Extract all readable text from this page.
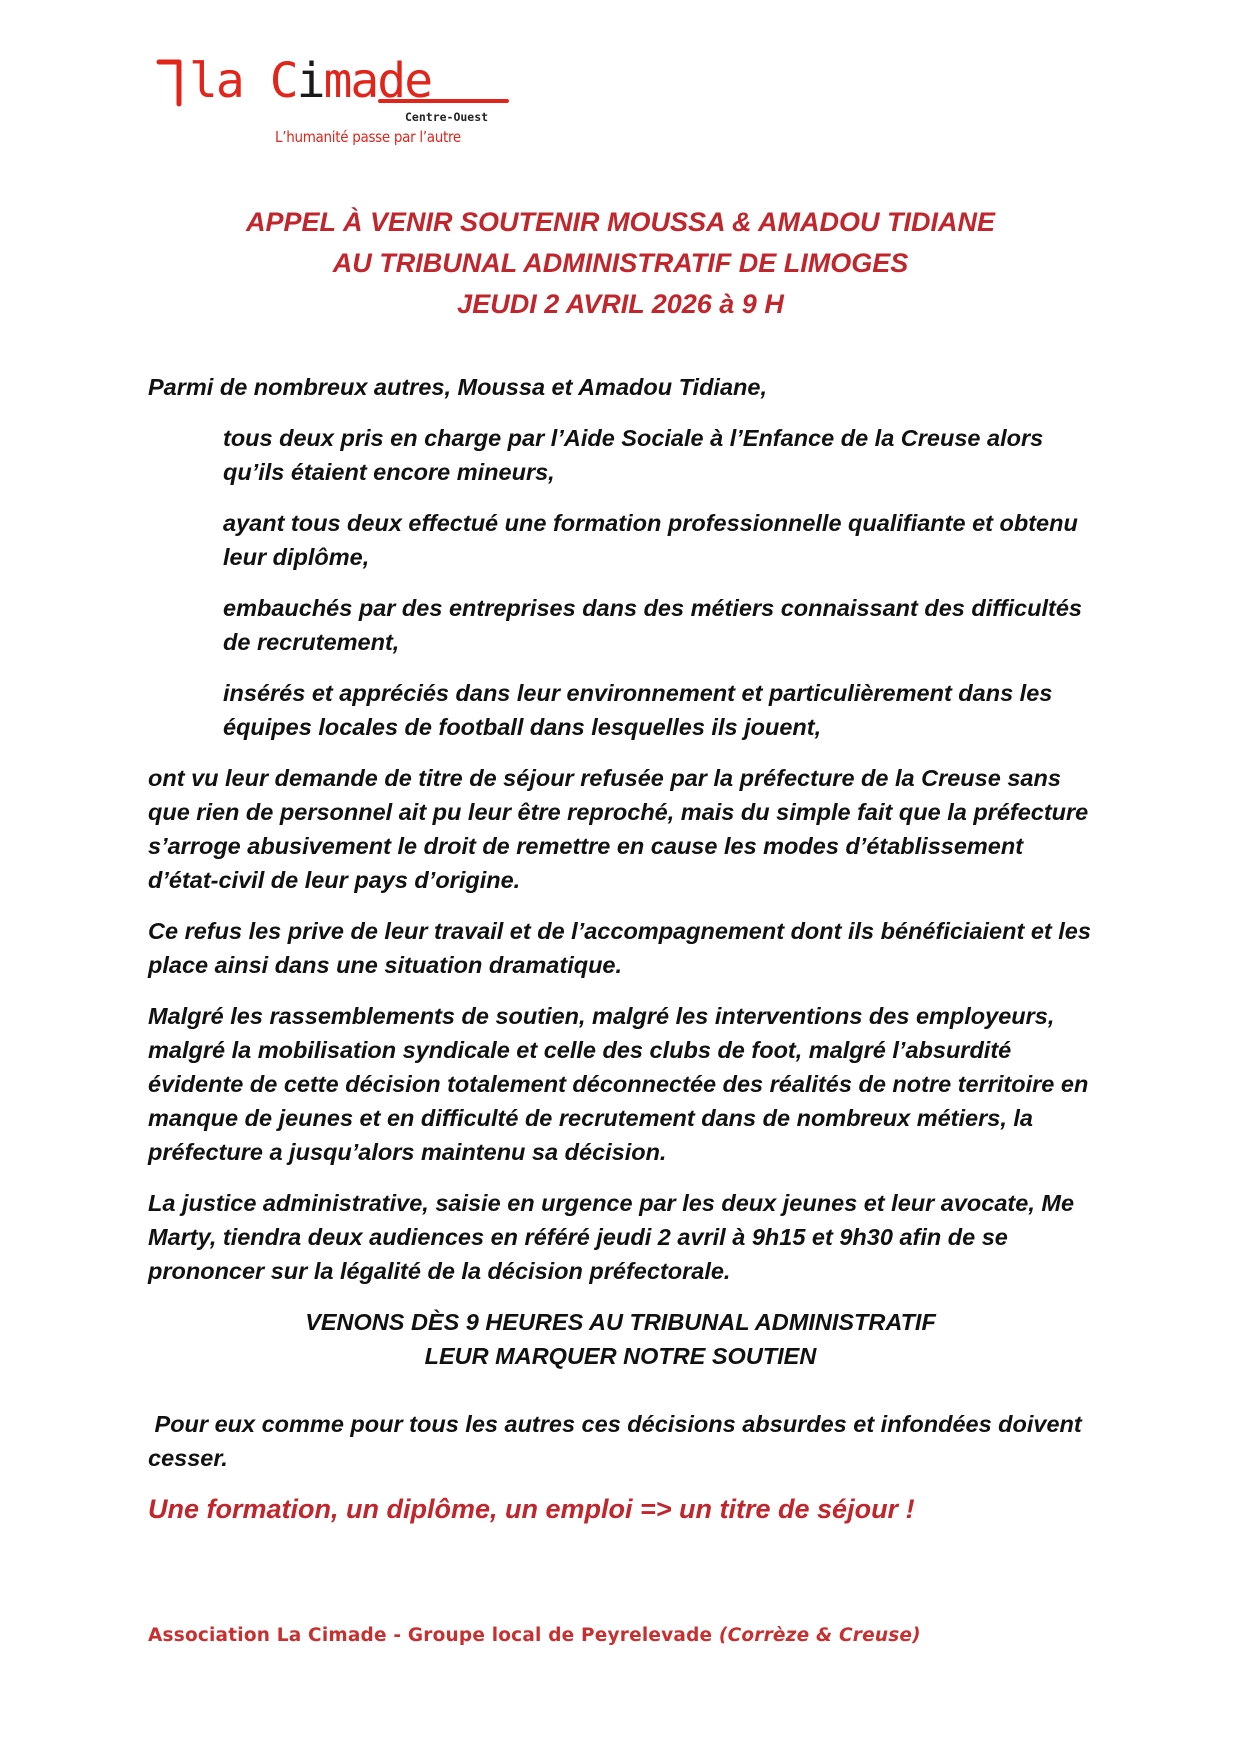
la Cimade
Centre-Ouest
L’humanité passe par l’autre
APPEL À VENIR SOUTENIR MOUSSA & AMADOU TIDIANE
AU TRIBUNAL ADMINISTRATIF DE LIMOGES
JEUDI 2 AVRIL 2026 à 9 H

Parmi de nombreux autres, Moussa et Amadou Tidiane,

tous deux pris en charge par l’Aide Sociale à l’Enfance de la Creuse alors qu’ils étaient encore mineurs,

ayant tous deux effectué une formation professionnelle qualifiante et obtenu leur diplôme,

embauchés par des entreprises dans des métiers connaissant des difficultés de recrutement,

insérés et appréciés dans leur environnement et particulièrement dans les équipes locales de football dans lesquelles ils jouent,

ont vu leur demande de titre de séjour refusée par la préfecture de la Creuse sans que rien de personnel ait pu leur être reproché, mais du simple fait que la préfecture s’arroge abusivement le droit de remettre en cause les modes d’établissement d’état-civil de leur pays d’origine.

Ce refus les prive de leur travail et de l’accompagnement dont ils bénéficiaient et les place ainsi dans une situation dramatique.

Malgré les rassemblements de soutien, malgré les interventions des employeurs, malgré la mobilisation syndicale et celle des clubs de foot, malgré l’absurdité évidente de cette décision totalement déconnectée des réalités de notre territoire en manque de jeunes et en difficulté de recrutement dans de nombreux métiers, la préfecture a jusqu’alors maintenu sa décision.

La justice administrative, saisie en urgence par les deux jeunes et leur avocate, Me Marty, tiendra deux audiences en référé jeudi 2 avril à 9h15 et 9h30 afin de se prononcer sur la légalité de la décision préfectorale.

VENONS DÈS 9 HEURES AU TRIBUNAL ADMINISTRATIF
LEUR MARQUER NOTRE SOUTIEN

Pour eux comme pour tous les autres ces décisions absurdes et infondées doivent cesser.

Une formation, un diplôme, un emploi => un titre de séjour !

Association La Cimade - Groupe local de Peyrelevade (Corrèze & Creuse)
